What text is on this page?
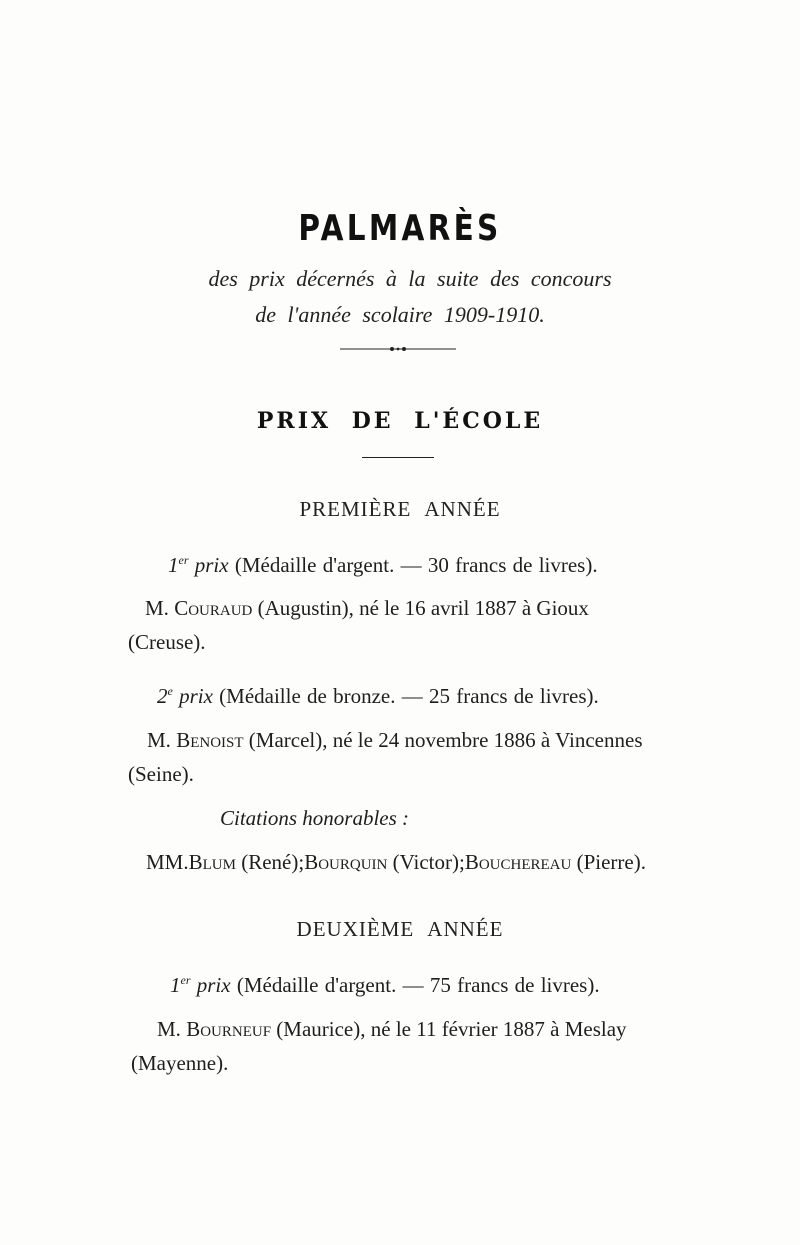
PALMARÈS
des prix décernés à la suite des concours
de l'année scolaire 1909-1910.
PRIX DE L'ÉCOLE
PREMIÈRE ANNÉE
1er prix (Médaille d'argent. — 30 francs de livres).
M. Couraud (Augustin), né le 16 avril 1887 à Gioux
(Creuse).
2e prix (Médaille de bronze. — 25 francs de livres).
M. Benoist (Marcel), né le 24 novembre 1886 à Vincennes
(Seine).
Citations honorables :
MM.Blum (René);Bourquin (Victor);Bouchereau (Pierre).
DEUXIÈME ANNÉE
1er prix (Médaille d'argent. — 75 francs de livres).
M. Bourneuf (Maurice), né le 11 février 1887 à Meslay
(Mayenne).
